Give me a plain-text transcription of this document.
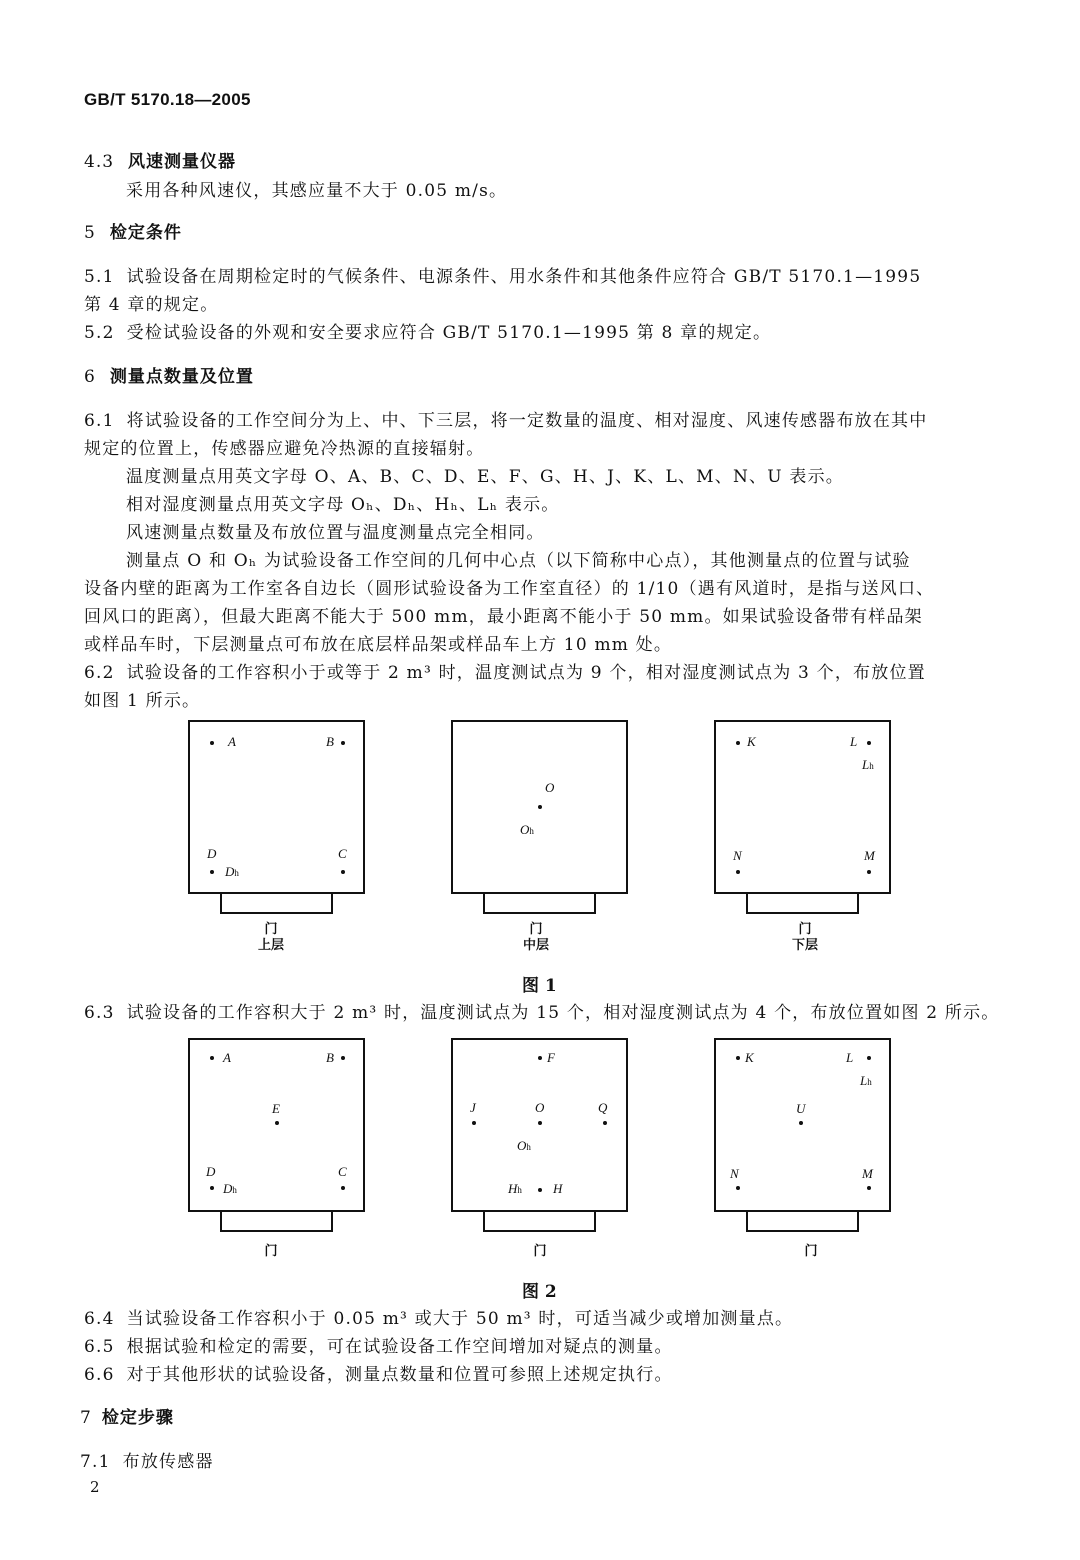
GB/T 5170.18—2005
4.3 风速测量仪器
采用各种风速仪，其感应量不大于 0.05 m/s。
5 检定条件
5.1 试验设备在周期检定时的气候条件、电源条件、用水条件和其他条件应符合 GB/T 5170.1—1995
第 4 章的规定。
5.2 受检试验设备的外观和安全要求应符合 GB/T 5170.1—1995 第 8 章的规定。
6 测量点数量及位置
6.1 将试验设备的工作空间分为上、中、下三层，将一定数量的温度、相对湿度、风速传感器布放在其中
规定的位置上，传感器应避免冷热源的直接辐射。
温度测量点用英文字母 O、A、B、C、D、E、F、G、H、J、K、L、M、N、U 表示。
相对湿度测量点用英文字母 Oₕ、Dₕ、Hₕ、Lₕ 表示。
风速测量点数量及布放位置与温度测量点完全相同。
测量点 O 和 Oₕ 为试验设备工作空间的几何中心点（以下简称中心点），其他测量点的位置与试验
设备内壁的距离为工作室各自边长（圆形试验设备为工作室直径）的 1/10（遇有风道时，是指与送风口、
回风口的距离），但最大距离不能大于 500 mm，最小距离不能小于 50 mm。如果试验设备带有样品架
或样品车时，下层测量点可布放在底层样品架或样品车上方 10 mm 处。
6.2 试验设备的工作容积小于或等于 2 m³ 时，温度测试点为 9 个，相对湿度测试点为 3 个，布放位置
如图 1 所示。
A	B
D
Dh
C
O
Oh
K	L
Lh
N	M
门
上层
门
中层
门
下层
图 1
6.3 试验设备的工作容积大于 2 m³ 时，温度测试点为 15 个，相对湿度测试点为 4 个，布放位置如图 2 所示。
A	B
E
D
Dh
C
F
J	O	Q
Oh
Hh H
K	L
Lh
U
N	M
门	门	门
图 2
6.4 当试验设备工作容积小于 0.05 m³ 或大于 50 m³ 时，可适当减少或增加测量点。
6.5 根据试验和检定的需要，可在试验设备工作空间增加对疑点的测量。
6.6 对于其他形状的试验设备，测量点数量和位置可参照上述规定执行。
7 检定步骤
7.1 布放传感器
2
